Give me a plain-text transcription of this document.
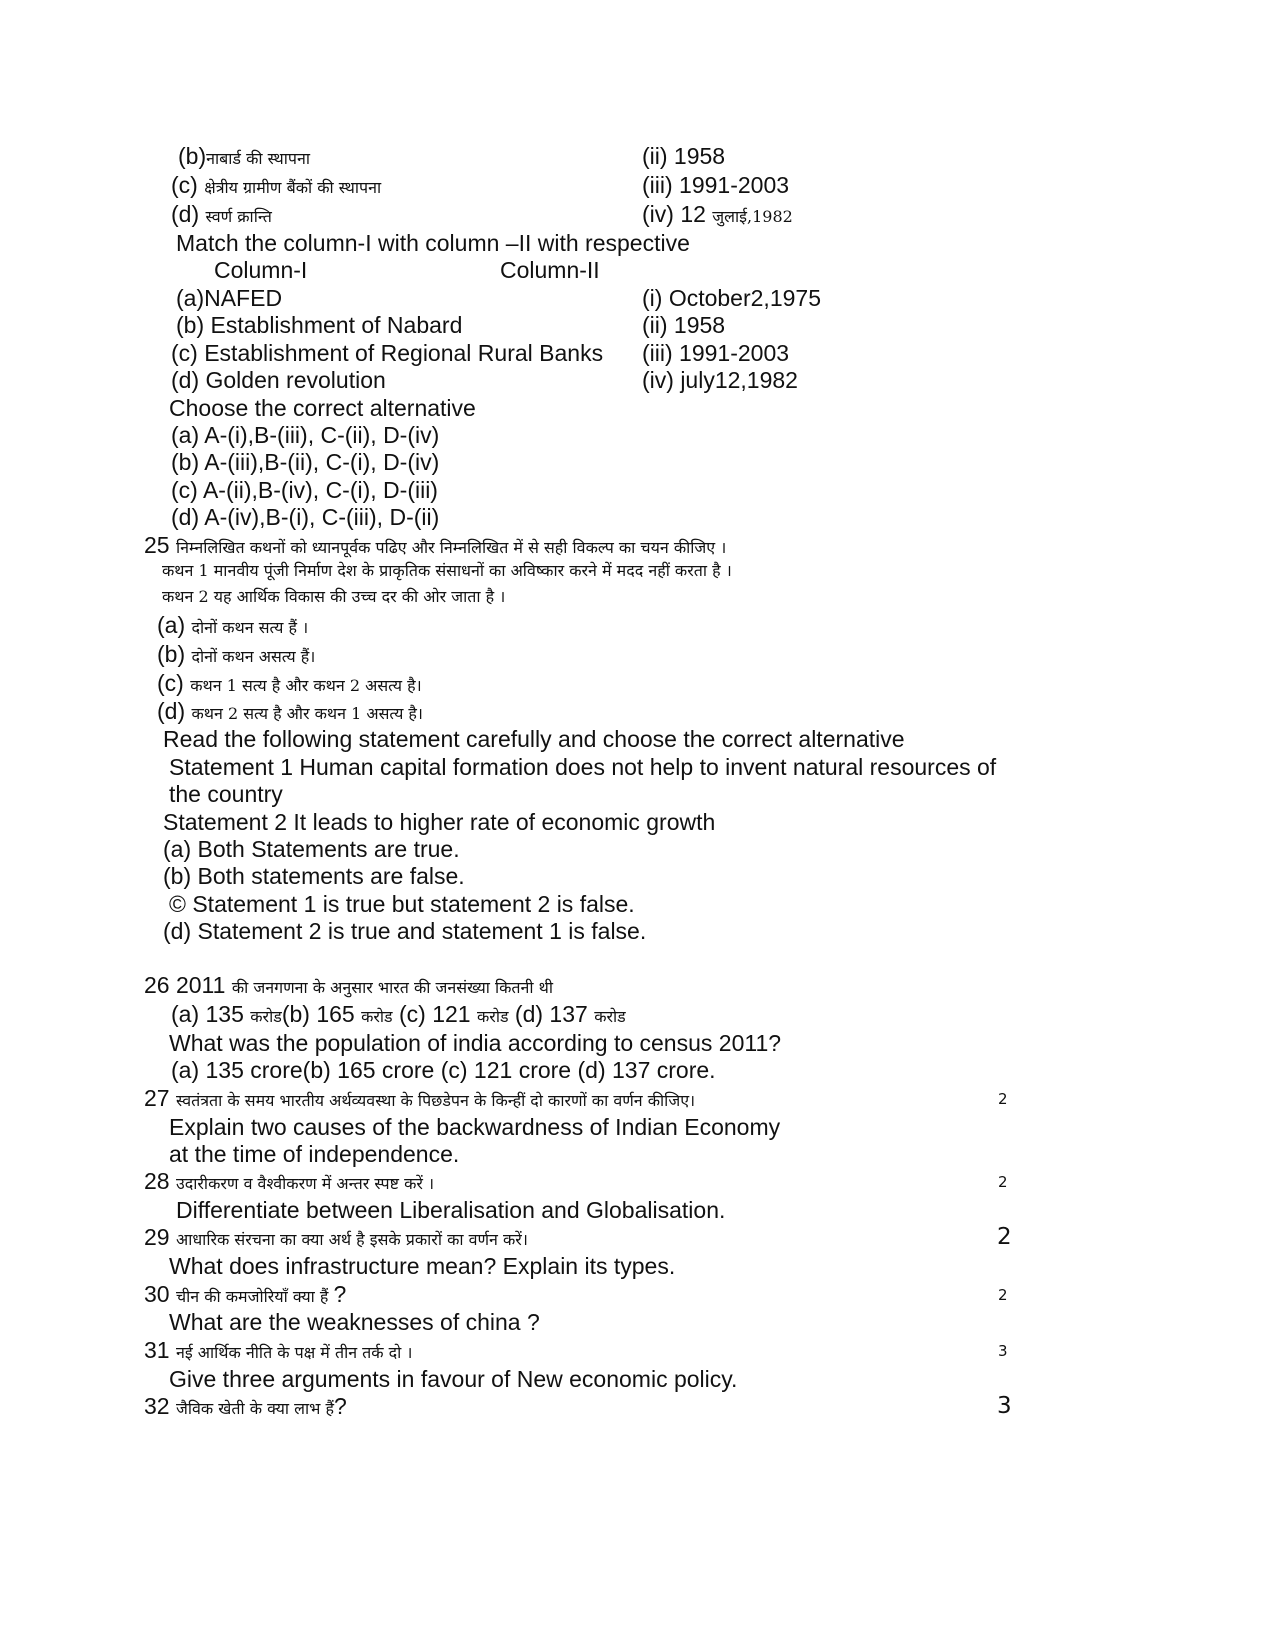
(b)नाबार्ड की स्थापना	(ii) 1958
(c) क्षेत्रीय ग्रामीण बैंकों की स्थापना	(iii) 1991-2003
(d) स्वर्ण क्रान्ति	(iv) 12 जुलाई,1982
Match the column-I with column –II with respective
Column-I	Column-II
(a)NAFED	(i) October2,1975
(b) Establishment of Nabard	(ii) 1958
(c) Establishment of Regional Rural Banks (iii) 1991-2003
(d) Golden revolution	(iv) july12,1982
Choose the correct alternative
(a) A-(i),B-(iii), C-(ii), D-(iv)
(b) A-(iii),B-(ii), C-(i), D-(iv)
(c) A-(ii),B-(iv), C-(i), D-(iii)
(d) A-(iv),B-(i), C-(iii), D-(ii)
25 निम्नलिखित कथनों को ध्यानपूर्वक पढिए और निम्नलिखित में से सही विकल्प का चयन कीजिए ।
कथन 1 मानवीय पूंजी निर्माण देश के प्राकृतिक संसाधनों का अविष्कार करने में मदद नहीं करता है ।
कथन 2 यह आर्थिक विकास की उच्च दर की ओर जाता है ।
(a) दोनों कथन सत्य हैं ।
(b) दोनों कथन असत्य हैं।
(c) कथन 1 सत्य है और कथन 2 असत्य है।
(d) कथन 2 सत्य है और कथन 1 असत्य है।
Read the following statement carefully and choose the correct alternative
Statement 1 Human capital formation does not help to invent natural resources of
the country
Statement 2 It leads to higher rate of economic growth
(a) Both Statements are true.
(b) Both statements are false.
© Statement 1 is true but statement 2 is false.
(d) Statement 2 is true and statement 1 is false.
26 2011 की जनगणना के अनुसार भारत की जनसंख्या कितनी थी
(a) 135 करोड(b) 165 करोड (c) 121 करोड (d) 137 करोड
What was the population of india according to census 2011?
(a) 135 crore(b) 165 crore (c) 121 crore (d) 137 crore.
27 स्वतंत्रता के समय भारतीय अर्थव्यवस्था के पिछडेपन के किन्हीं दो कारणों का वर्णन कीजिए।	2
Explain two causes of the backwardness of Indian Economy
at the time of independence.
28 उदारीकरण व वैश्वीकरण में अन्तर स्पष्ट करें ।	2
Differentiate between Liberalisation and Globalisation.
29 आधारिक संरचना का क्या अर्थ है इसके प्रकारों का वर्णन करें।	2
What does infrastructure mean? Explain its types.
30 चीन की कमजोरियाँ क्या हैं ?	2
What are the weaknesses of china ?
31 नई आर्थिक नीति के पक्ष में तीन तर्क दो ।	3
Give three arguments in favour of New economic policy.
32 जैविक खेती के क्या लाभ हैं?	3
